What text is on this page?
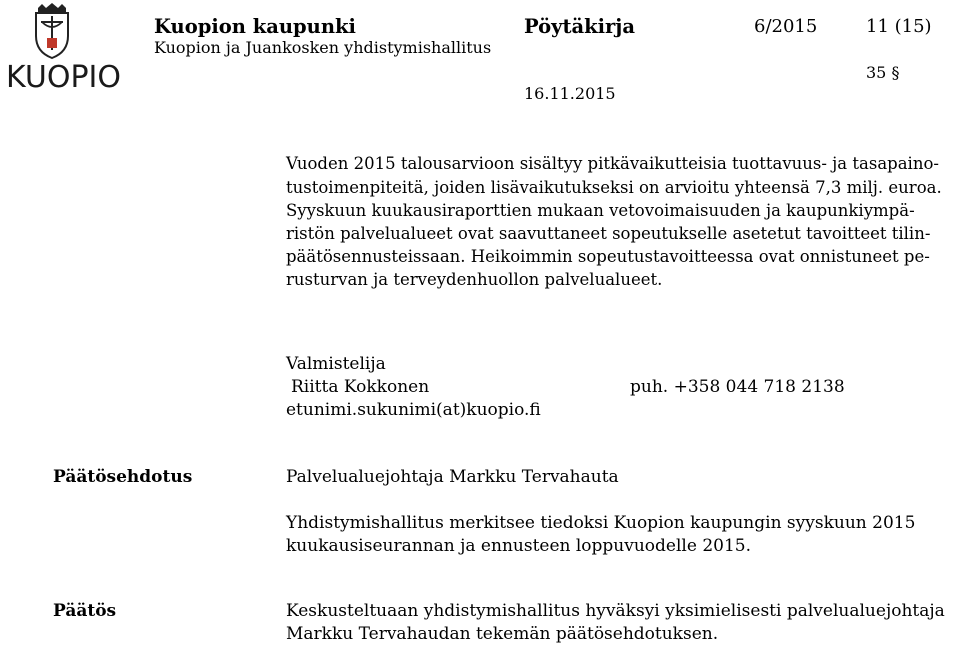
KUOPIO
Kuopion kaupunki
Kuopion ja Juankosken yhdistymishallitus
Pöytäkirja	6/2015	11 (15)
35 §
16.11.2015
Vuoden 2015 talousarvioon sisältyy pitkävaikutteisia tuottavuus- ja tasapaino-
tustoimenpiteitä, joiden lisävaikutukseksi on arvioitu yhteensä 7,3 milj. euroa.
Syyskuun kuukausiraporttien mukaan vetovoimaisuuden ja kaupunkiympä-
ristön palvelualueet ovat saavuttaneet sopeutukselle asetetut tavoitteet tilin-
päätösennusteissaan. Heikoimmin sopeutustavoitteessa ovat onnistuneet pe-
rusturvan ja terveydenhuollon palvelualueet.
Valmistelija
Riitta Kokkonen	puh. +358 044 718 2138
etunimi.sukunimi(at)kuopio.fi
Päätösehdotus	Palvelualuejohtaja Markku Tervahauta
Yhdistymishallitus merkitsee tiedoksi Kuopion kaupungin syyskuun 2015
kuukausiseurannan ja ennusteen loppuvuodelle 2015.
Päätös	Keskusteltuaan yhdistymishallitus hyväksyi yksimielisesti palvelualuejohtaja
Markku Tervahaudan tekemän päätösehdotuksen.
